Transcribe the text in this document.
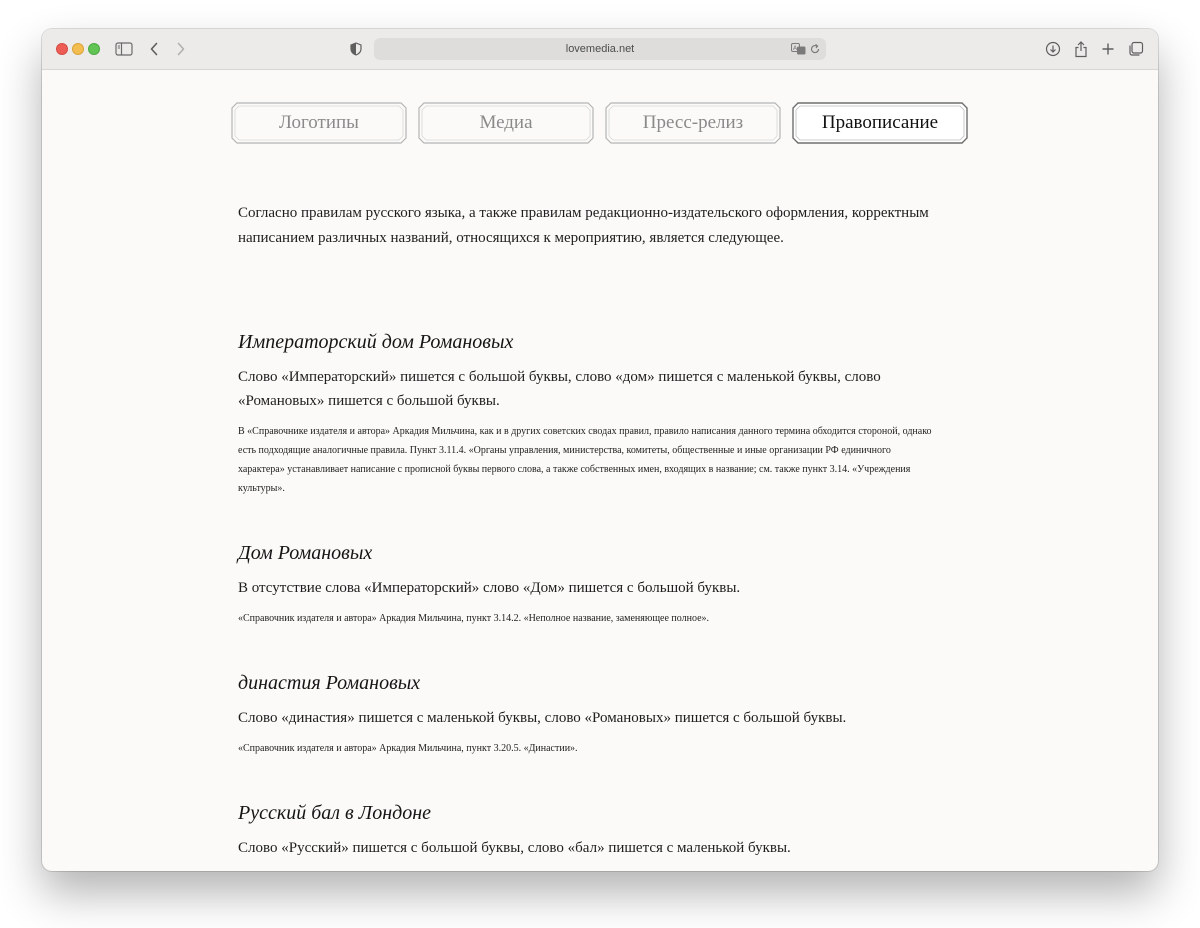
lovemedia.net	A
Логотипы	Медиа	Пресс-релиз	Правописание

Согласно правилам русского языка, а также правилам редакционно-издательского оформления, корректным написанием различных названий, относящихся к мероприятию, является следующее.

Императорский дом Романовых
Слово «Императорский» пишется с большой буквы, слово «дом» пишется с маленькой буквы, слово «Романовых» пишется с большой буквы.
В «Справочнике издателя и автора» Аркадия Мильчина, как и в других советских сводах правил, правило написания данного термина обходится стороной, однако есть подходящие аналогичные правила. Пункт 3.11.4. «Органы управления, министерства, комитеты, общественные и иные организации РФ единичного характера» устанавливает написание с прописной буквы первого слова, а также собственных имен, входящих в название; см. также пункт 3.14. «Учреждения культуры».
Дом Романовых
В отсутствие слова «Императорский» слово «Дом» пишется с большой буквы.
«Справочник издателя и автора» Аркадия Мильчина, пункт 3.14.2. «Неполное название, заменяющее полное».
династия Романовых
Слово «династия» пишется с маленькой буквы, слово «Романовых» пишется с большой буквы.
«Справочник издателя и автора» Аркадия Мильчина, пункт 3.20.5. «Династии».
Русский бал в Лондоне
Слово «Русский» пишется с большой буквы, слово «бал» пишется с маленькой буквы.
